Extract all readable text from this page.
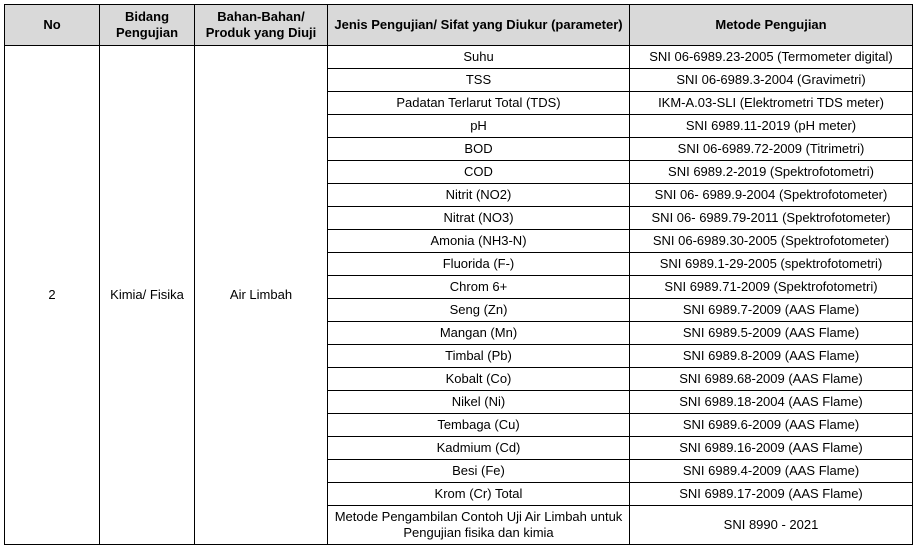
No	Bidang Pengujian	Bahan-Bahan/ Produk yang Diuji	Jenis Pengujian/ Sifat yang Diukur (parameter)	Metode Pengujian
2	Kimia/ Fisika	Air Limbah	Suhu	SNI 06-6989.23-2005 (Termometer digital)
			TSS	SNI 06-6989.3-2004 (Gravimetri)
			Padatan Terlarut Total (TDS)	IKM-A.03-SLI (Elektrometri TDS meter)
			pH	SNI 6989.11-2019 (pH meter)
			BOD	SNI 06-6989.72-2009 (Titrimetri)
			COD	SNI 6989.2-2019 (Spektrofotometri)
			Nitrit (NO2)	SNI 06- 6989.9-2004 (Spektrofotometer)
			Nitrat (NO3)	SNI 06- 6989.79-2011 (Spektrofotometer)
			Amonia (NH3-N)	SNI 06-6989.30-2005 (Spektrofotometer)
			Fluorida (F-)	SNI 6989.1-29-2005 (spektrofotometri)
			Chrom 6+	SNI 6989.71-2009 (Spektrofotometri)
			Seng (Zn)	SNI 6989.7-2009 (AAS Flame)
			Mangan (Mn)	SNI 6989.5-2009 (AAS Flame)
			Timbal (Pb)	SNI 6989.8-2009 (AAS Flame)
			Kobalt (Co)	SNI 6989.68-2009 (AAS Flame)
			Nikel (Ni)	SNI 6989.18-2004 (AAS Flame)
			Tembaga (Cu)	SNI 6989.6-2009 (AAS Flame)
			Kadmium (Cd)	SNI 6989.16-2009 (AAS Flame)
			Besi (Fe)	SNI 6989.4-2009 (AAS Flame)
			Krom (Cr) Total	SNI 6989.17-2009 (AAS Flame)
			Metode Pengambilan Contoh Uji Air Limbah untuk Pengujian fisika dan kimia	SNI 8990 - 2021
